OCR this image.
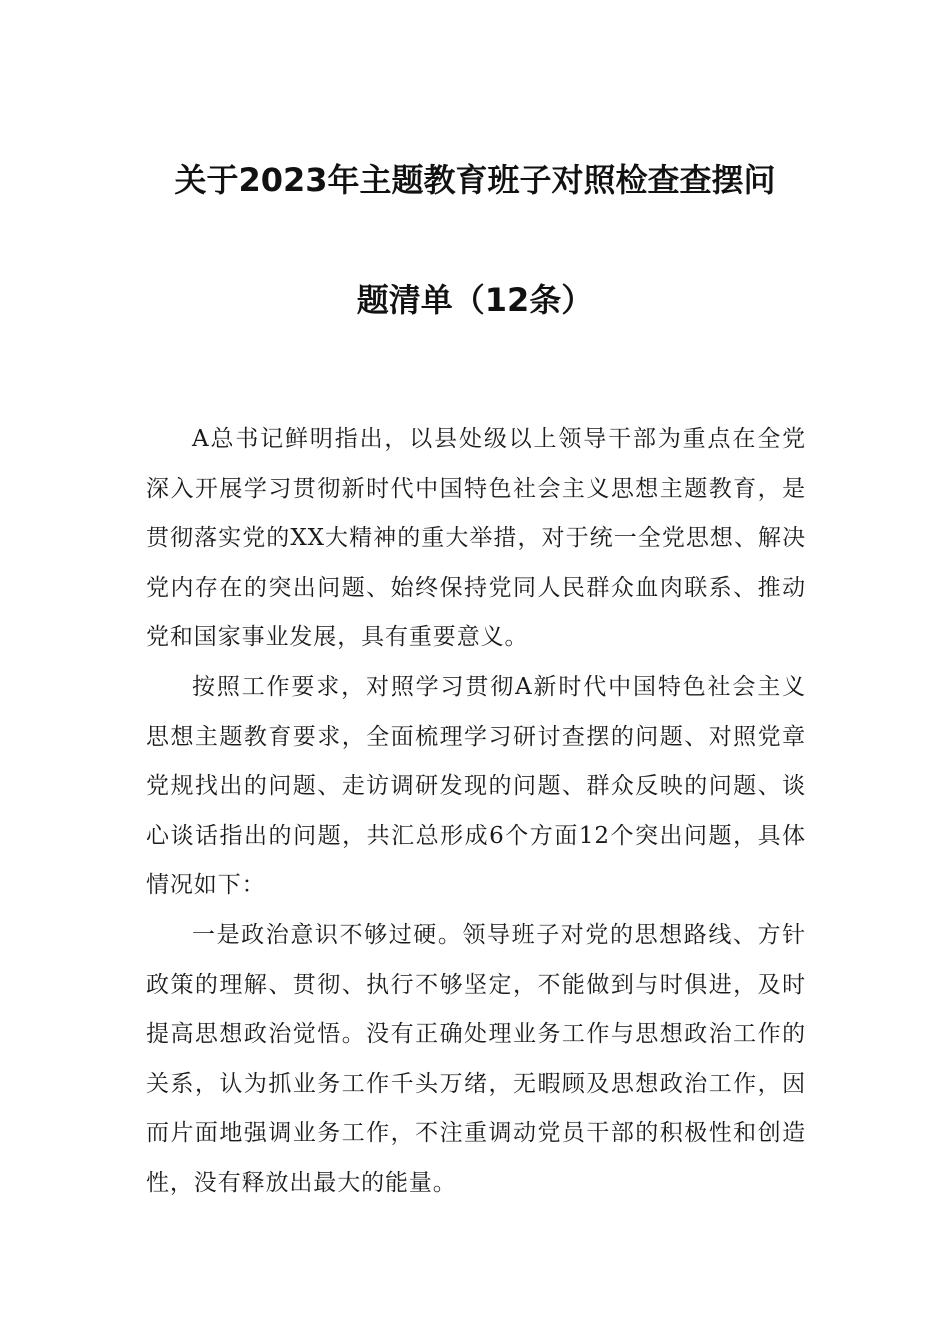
关于2023年主题教育班子对照检查查摆问
题清单（12条）

A总书记鲜明指出，以县处级以上领导干部为重点在全党深入开展学习贯彻新时代中国特色社会主义思想主题教育，是贯彻落实党的XX大精神的重大举措，对于统一全党思想、解决党内存在的突出问题、始终保持党同人民群众血肉联系、推动党和国家事业发展，具有重要意义。

按照工作要求，对照学习贯彻A新时代中国特色社会主义思想主题教育要求，全面梳理学习研讨查摆的问题、对照党章党规找出的问题、走访调研发现的问题、群众反映的问题、谈心谈话指出的问题，共汇总形成6个方面12个突出问题，具体情况如下：

一是政治意识不够过硬。领导班子对党的思想路线、方针政策的理解、贯彻、执行不够坚定，不能做到与时俱进，及时提高思想政治觉悟。没有正确处理业务工作与思想政治工作的关系，认为抓业务工作千头万绪，无暇顾及思想政治工作，因而片面地强调业务工作，不注重调动党员干部的积极性和创造性，没有释放出最大的能量。
